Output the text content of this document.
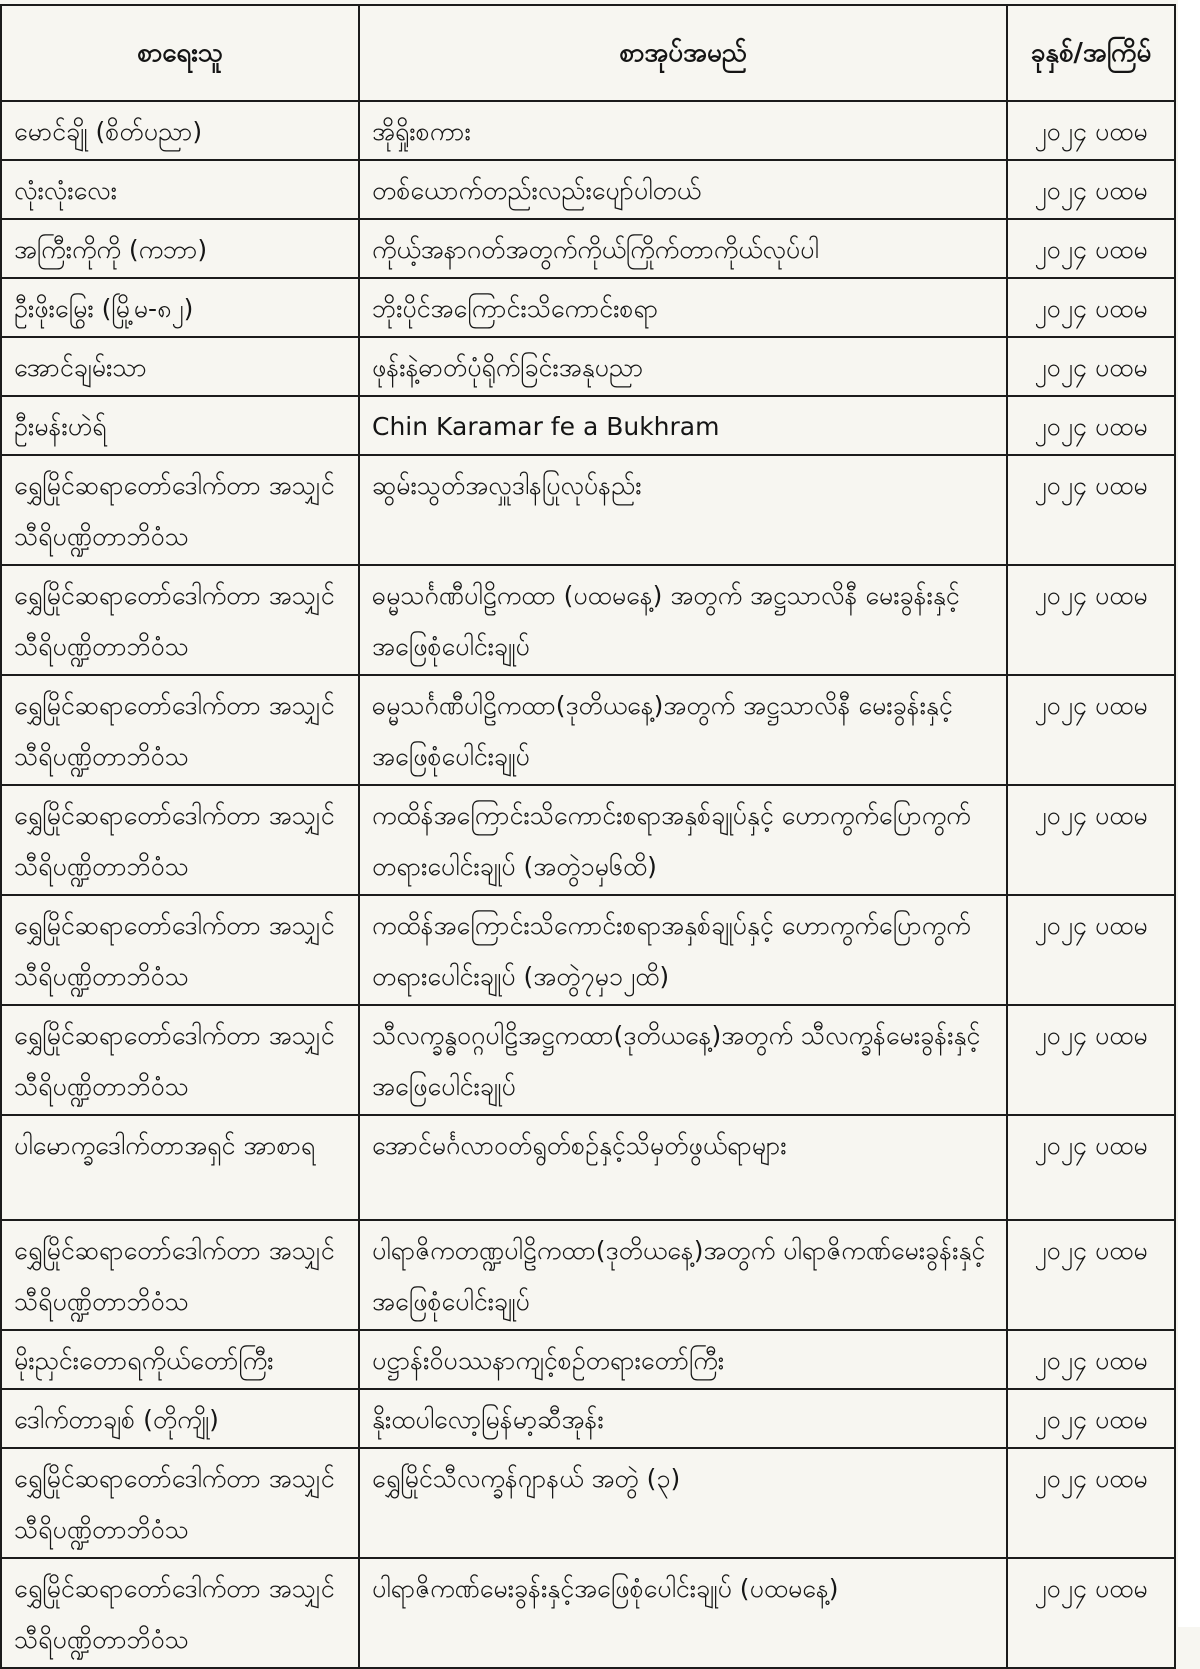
စာရေးသူ	စာအုပ်အမည်	ခုနှစ်/အကြိမ်
မောင်ချို (စိတ်ပညာ)	အိုရှိုးစကား	၂၀၂၄ ပထမ
လုံးလုံးလေး	တစ်ယောက်တည်းလည်းပျော်ပါတယ်	၂၀၂၄ ပထမ
အကြီးကိုကို (ကဘာ)	ကိုယ့်အနာဂတ်အတွက်ကိုယ်ကြိုက်တာကိုယ်လုပ်ပါ	၂၀၂၄ ပထမ
ဦးဖိုးမြွေး (မြို့မ-၈၂)	ဘိုးပိုင်အကြောင်းသိကောင်းစရာ	၂၀၂၄ ပထမ
အောင်ချမ်းသာ	ဖုန်းနဲ့ဓာတ်ပုံရိုက်ခြင်းအနုပညာ	၂၀၂၄ ပထမ
ဦးမန်းဟဲရ်	Chin Karamar fe a Bukhram	၂၀၂၄ ပထမ
ရွှေမြိုင်ဆရာတော်ဒေါက်တာ အသျှင်သီရိပဏ္ဍိတာဘိဝံသ	ဆွမ်းသွတ်အလှူဒါနပြုလုပ်နည်း	၂၀၂၄ ပထမ
ရွှေမြိုင်ဆရာတော်ဒေါက်တာ အသျှင်သီရိပဏ္ဍိတာဘိဝံသ	ဓမ္မသင်္ဂဏီပါဠိကထာ (ပထမနေ့) အတွက် အဋ္ဌသာလိနီ မေးခွန်းနှင့် အဖြေစုံပေါင်းချုပ်	၂၀၂၄ ပထမ
ရွှေမြိုင်ဆရာတော်ဒေါက်တာ အသျှင်သီရိပဏ္ဍိတာဘိဝံသ	ဓမ္မသင်္ဂဏီပါဠိကထာ(ဒုတိယနေ့)အတွက် အဋ္ဌသာလိနီ မေးခွန်းနှင့် အဖြေစုံပေါင်းချုပ်	၂၀၂၄ ပထမ
ရွှေမြိုင်ဆရာတော်ဒေါက်တာ အသျှင်သီရိပဏ္ဍိတာဘိဝံသ	ကထိန်အကြောင်းသိကောင်းစရာအနှစ်ချုပ်နှင့် ဟောကွက်ပြောကွက်တရားပေါင်းချုပ် (အတွဲ၁မှ၆ထိ)	၂၀၂၄ ပထမ
ရွှေမြိုင်ဆရာတော်ဒေါက်တာ အသျှင်သီရိပဏ္ဍိတာဘိဝံသ	ကထိန်အကြောင်းသိကောင်းစရာအနှစ်ချုပ်နှင့် ဟောကွက်ပြောကွက်တရားပေါင်းချုပ် (အတွဲ၇မှ၁၂ထိ)	၂၀၂၄ ပထမ
ရွှေမြိုင်ဆရာတော်ဒေါက်တာ အသျှင်သီရိပဏ္ဍိတာဘိဝံသ	သီလက္ခန္ဓဝဂ္ဂပါဠိအဋ္ဌကထာ(ဒုတိယနေ့)အတွက် သီလက္ခန်မေးခွန်းနှင့်အဖြေပေါင်းချုပ်	၂၀၂၄ ပထမ
ပါမောက္ခဒေါက်တာအရှင် အာစာရ	အောင်မင်္ဂလာဝတ်ရွတ်စဉ်နှင့်သိမှတ်ဖွယ်ရာများ	၂၀၂၄ ပထမ
ရွှေမြိုင်ဆရာတော်ဒေါက်တာ အသျှင်သီရိပဏ္ဍိတာဘိဝံသ	ပါရာဇိကတဏ္ဍပါဠိကထာ(ဒုတိယနေ့)အတွက် ပါရာဇိကဏ်မေးခွန်းနှင့်အဖြေစုံပေါင်းချုပ်	၂၀၂၄ ပထမ
မိုးညှင်းတောရကိုယ်တော်ကြီး	ပဋ္ဌာန်းဝိပဿနာကျင့်စဉ်တရားတော်ကြီး	၂၀၂၄ ပထမ
ဒေါက်တာချစ် (တိုကျို)	နိုးထပါလော့မြန်မာ့ဆီအုန်း	၂၀၂၄ ပထမ
ရွှေမြိုင်ဆရာတော်ဒေါက်တာ အသျှင်သီရိပဏ္ဍိတာဘိဝံသ	ရွှေမြိုင်သီလက္ခန်ဂျာနယ် အတွဲ (၃)	၂၀၂၄ ပထမ
ရွှေမြိုင်ဆရာတော်ဒေါက်တာ အသျှင်သီရိပဏ္ဍိတာဘိဝံသ	ပါရာဇိကဏ်မေးခွန်းနှင့်အဖြေစုံပေါင်းချုပ် (ပထမနေ့)	၂၀၂၄ ပထမ
